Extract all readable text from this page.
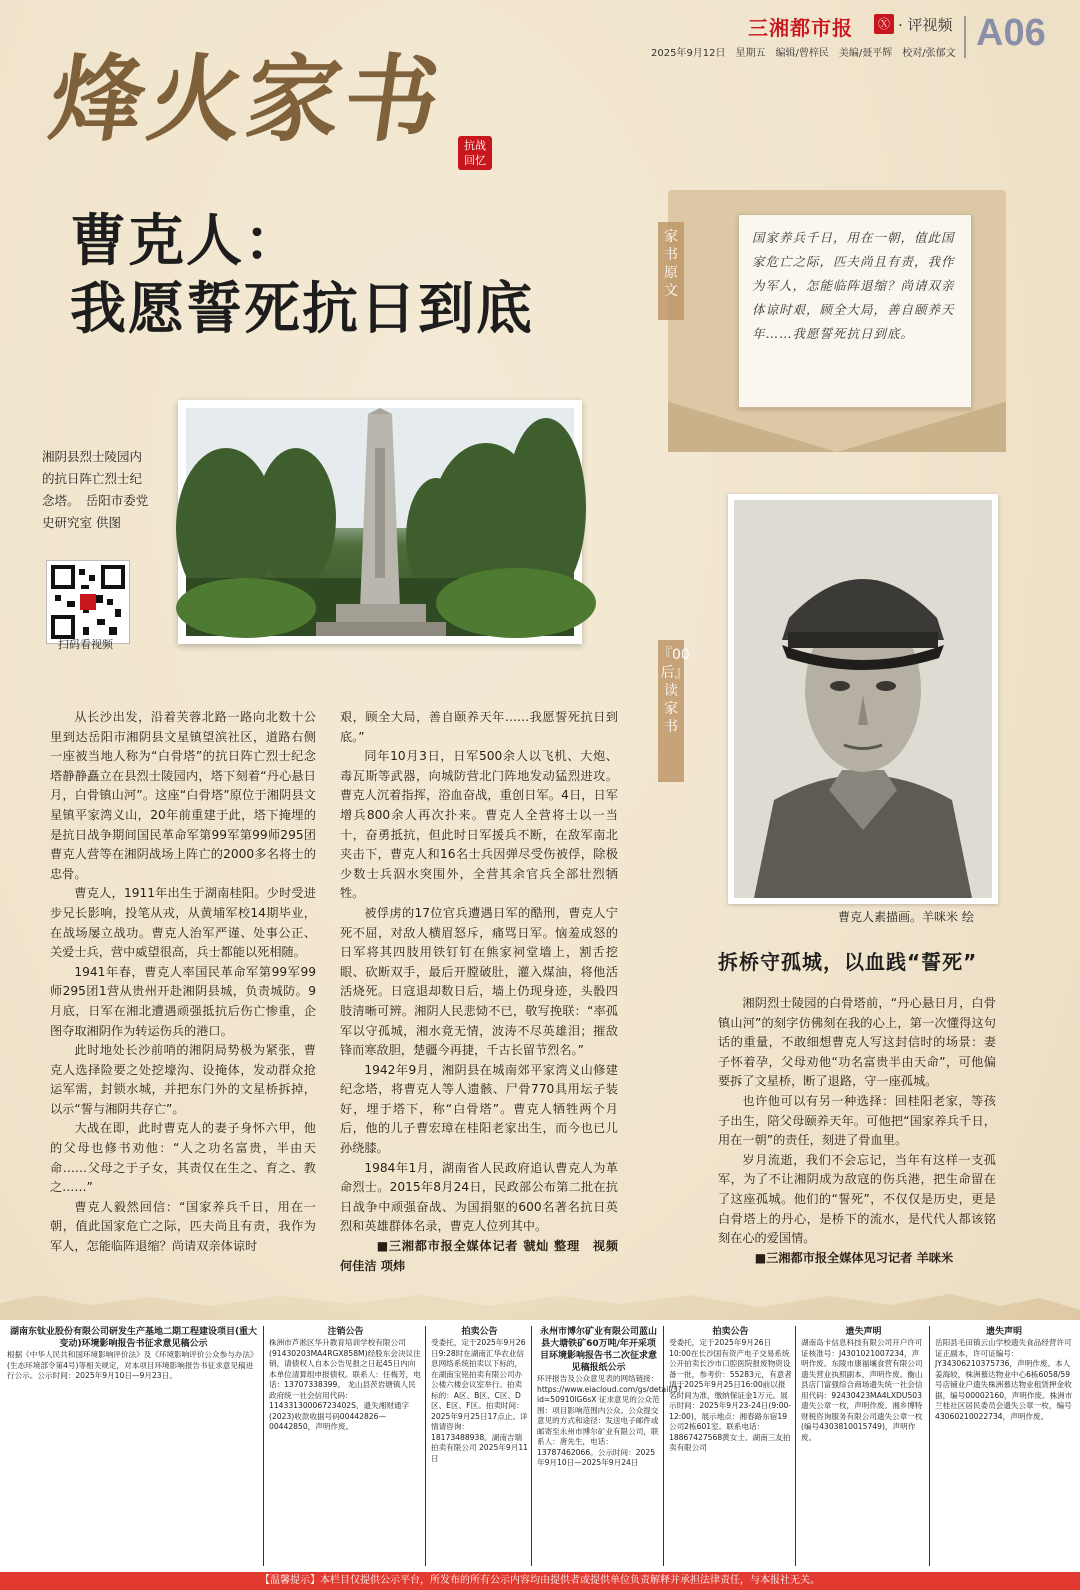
三湘都市报	Ⓧ · 评视频
2025年9月12日　星期五　编辑/曾梓民　美编/聂平辉　校对/张郁文 A06
烽火家书	抗战 回忆
曹克人：
我愿誓死抗日到底
国家养兵千日，用在一朝，值此国家危亡之际，匹夫尚且有责，我作为军人，怎能临阵退缩？尚请双亲体谅时艰，顾全大局，善自颐养天年……我愿誓死抗日到底。
家书原文
湘阴县烈士陵园内的抗日阵亡烈士纪念塔。　岳阳市委党史研究室 供图
扫码看视频
『00后』读家书
曹克人素描画。羊咪米 绘
拆桥守孤城，以血践“誓死”

从长沙出发，沿着芙蓉北路一路向北数十公里到达岳阳市湘阴县文星镇望滨社区，道路右侧一座被当地人称为“白骨塔”的抗日阵亡烈士纪念塔静静矗立在县烈士陵园内，塔下刻着“丹心悬日月，白骨镇山河”。这座“白骨塔”原位于湘阴县文星镇平家湾义山，20年前重建于此，塔下掩埋的是抗日战争期间国民革命军第99军第99师295团曹克人营等在湘阴战场上阵亡的2000多名将士的忠骨。

曹克人，1911年出生于湖南桂阳。少时受进步兄长影响，投笔从戎，从黄埔军校14期毕业，在战场屡立战功。曹克人治军严谨、处事公正、关爱士兵，营中威望很高，兵士都能以死相随。

1941年春，曹克人率国民革命军第99军99师295团1营从贵州开赴湘阴县城，负责城防。9月底，日军在湘北遭遇顽强抵抗后伤亡惨重，企图夺取湘阴作为转运伤兵的港口。

此时地处长沙前哨的湘阴局势极为紧张，曹克人选择险要之处挖壕沟、设掩体，发动群众抢运军需，封锁水城，并把东门外的文星桥拆掉，以示“誓与湘阴共存亡”。

大战在即，此时曹克人的妻子身怀六甲，他的父母也修书劝他：“人之功名富贵，半由天命……父母之于子女，其责仅在生之、育之、教之……”

曹克人毅然回信：“国家养兵千日，用在一朝，值此国家危亡之际，匹夫尚且有责，我作为军人，怎能临阵退缩？尚请双亲体谅时

艰，顾全大局，善自颐养天年……我愿誓死抗日到底。”

同年10月3日，日军500余人以飞机、大炮、毒瓦斯等武器，向城防营北门阵地发动猛烈进攻。曹克人沉着指挥，浴血奋战，重创日军。4日，日军增兵800余人再次扑来。曹克人全营将士以一当十，奋勇抵抗，但此时日军援兵不断，在敌军南北夹击下，曹克人和16名士兵因弹尽受伤被俘，除极少数士兵泅水突围外，全营其余官兵全部壮烈牺牲。

被俘虏的17位官兵遭遇日军的酷刑，曹克人宁死不屈，对敌人横眉怒斥，痛骂日军。恼羞成怒的日军将其四肢用铁钉钉在熊家祠堂墙上，割舌挖眼、砍断双手，最后开膛破肚，灌入煤油，将他活活烧死。日寇退却数日后，墙上仍现身迹，头骰四肢清晰可辨。湘阴人民悲恸不已，敬写挽联：“率孤军以守孤城，湘水竟无情，波涛不尽英雄泪；摧敌锋而寒敌胆，楚疆今再捷，千古长留节烈名。”

1942年9月，湘阴县在城南郊平家湾义山修建纪念塔，将曹克人等人遗骸、尸骨770具用坛子装好，埋于塔下，称“白骨塔”。曹克人牺牲两个月后，他的儿子曹宏璋在桂阳老家出生，而今也已儿孙绕膝。

1984年1月，湖南省人民政府追认曹克人为革命烈士。2015年8月24日，民政部公布第二批在抗日战争中顽强奋战、为国捐躯的600名著名抗日英烈和英雄群体名录，曹克人位列其中。

■三湘都市报全媒体记者 虢灿 整理　视频 何佳洁 项炜

湘阴烈士陵园的白骨塔前，“丹心悬日月，白骨镇山河”的刻字仿佛刻在我的心上，第一次懂得这句话的重量，不敢细想曹克人写这封信时的场景：妻子怀着孕，父母劝他“功名富贵半由天命”，可他偏要拆了文星桥，断了退路，守一座孤城。

也许他可以有另一种选择：回桂阳老家，等孩子出生，陪父母颐养天年。可他把“国家养兵千日，用在一朝”的责任，刻进了骨血里。

岁月流逝，我们不会忘记，当年有这样一支孤军，为了不让湘阴成为敌寇的伤兵港，把生命留在了这座孤城。他们的“誓死”，不仅仅是历史，更是白骨塔上的丹心，是桥下的流水，是代代人都该铭刻在心的爱国情。

■三湘都市报全媒体见习记者 羊咪米

湖南东钛业股份有限公司研发生产基地二期工程建设项目(重大变动)环境影响报告书征求意见稿公示
根据《中华人民共和国环境影响评价法》及《环境影响评价公众参与办法》(生态环境部令第4号)等相关规定，对本项目环境影响报告书征求意见稿进行公示。公示时间：2025年9月10日—9月23日。
注销公告
株洲市芦淞区华升教育培训学校有限公司(91430203MA4RGX858M)经股东会决议注销，请债权人自本公告见报之日起45日内向本单位清算组申报债权。联系人：任梅芳，电话：13707338399。 龙山县茨岩塘镇人民政府统一社会信用代码：11433130006723402S，遗失湘财通字(2023)收款收据号码00442826—00442850，声明作废。
拍卖公告
受委托，定于2025年9月26日9:28时在湖南汇华农业信息网络系统拍卖以下标的，在湖南宝铭拍卖有限公司办公楼六楼会议室举行。拍卖标的：A区、B区、C区、D区、E区、F区。拍卖时间：2025年9月25日17点止。详情请咨询：18173488938。湖南吉瑞拍卖有限公司 2025年9月11日
永州市博尔矿业有限公司蓝山县大塘铁矿60万吨/年开采项目环境影响报告书二次征求意见稿报纸公示
环评报告及公众意见表的网络链接：https://www.eiacloud.com/gs/detail/3?id=50910lG6sX 征求意见的公众范围：项目影响范围内公众。公众提交意见的方式和途径：发送电子邮件或邮寄至永州市博尔矿业有限公司，联系人：唐先生，电话：13787462066。公示时间：2025年9月10日—2025年9月24日
拍卖公告
受委托，定于2025年9月26日10:00在长沙国有资产电子交易系统公开拍卖长沙市口腔医院报废物资设备一批，参考价：55283元，有意者请于2025年9月25日16:00前以报名时间为准，缴纳保证金1万元。展示时间：2025年9月23-24日(9:00-12:00)，展示地点：湘春路东宿19公司2栋601室。联系电话：18867427568黄女士。湖南三友拍卖有限公司
遗失声明
湖南岛卡信息科技有限公司开户许可证核准号：J4301021007234，声明作废。东陵市康福壤食营有限公司遗失营业执照副本，声明作废。衡山县店门富强综合商场遗失统一社会信用代码：92430423MA4LXDU503遗失公章一枚，声明作废。湘乡博特财税咨询服务有限公司遗失公章一枚(编号4303810015749)，声明作废。
遗失声明
岳阳县毛田镇云山学校遗失食品经营许可证正副本，许可证编号：JY34306210375736，声明作废。本人姜海较，株洲慕达物业中心6栋6058/59号店铺业户遗失株洲慕达物业租赁押金收据，编号00002160，声明作废。株洲市兰桂社区居民委员会遗失公章一枚，编号43060210022734，声明作废。
【温馨提示】本栏目仅提供公示平台，所发布的所有公示内容均由提供者或提供单位负责解释并承担法律责任，与本报社无关。
